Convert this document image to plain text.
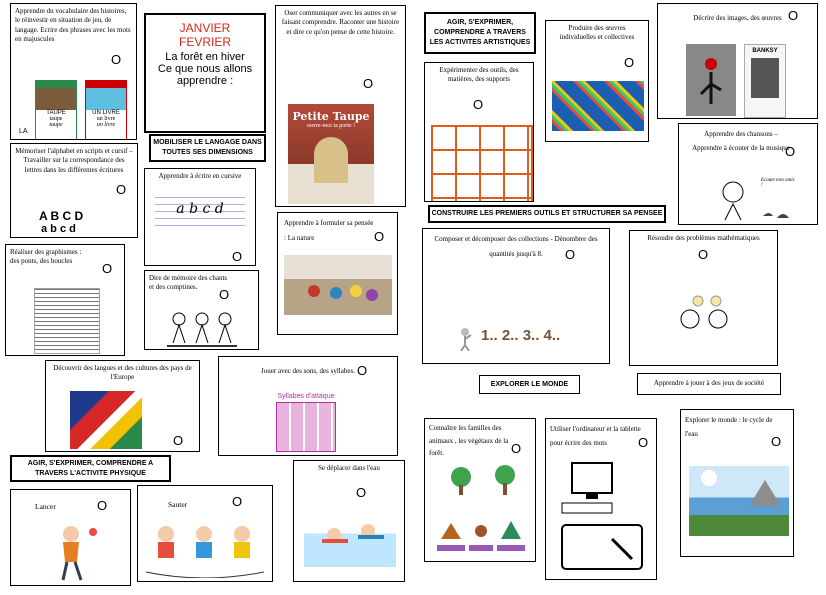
JANVIER
FEVRIER
La forêt en hiver
Ce que nous allons
apprendre :
MOBILISER LE LANGAGE DANS TOUTES SES DIMENSIONS
AGIR, S'EXPRIMER, COMPRENDRE A TRAVERS LES ACTIVITES ARTISTIQUES
CONSTRUIRE LES PREMIERS OUTILS ET STRUCTURER SA PENSEE
EXPLORER LE MONDE
AGIR, S'EXPRIMER, COMPRENDRE A TRAVERS L'ACTIVITE PHYSIQUE
Apprendre du vocabulaire des histoires, le réinvestir en situation de jeu, de langage. Ecrire des phrases avec les mots en majuscules
O
TAUPE
taupe
taupe
UN LIVRE
un livre
un livre
LA
Mémoriser l'alphabet en scripts et cursif – Travailler sur la correspondance des lettres dans les différentes écritures
O
A B C D
a b c d
Réaliser des graphismes : des ponts, des boucles	O
Découvrir des langues et des cultures des pays de l'Europe
O
Apprendre à écrire en cursive
a b c d
O
Dire de mémoire des chants et des comptines.	O
Jouer avec des sons, des syllabes. O
Syllabes d'attaque
Oser communiquer avec les autres en se faisant comprendre. Raconter une histoire et dire ce qu'on pense de cette histoire.
O
Petite Taupe
ouvre-moi ta porte !
Apprendre à formuler sa pensée : La nature	O
Expérimenter des outils, des matières, des supports
O
Produire des œuvres individuelles et collectives
O
Décrire des images, des œuvres O
BANKSY
Apprendre des chansons – Apprendre à écouter de la musique
O
Ecoute mes amis !
Composer et décomposer des collections - Dénombrer des quantités jusqu'à 8.	O
1.. 2.. 3.. 4..
Résoudre des problèmes mathématiques
O
Apprendre à jouer à des jeux de société
Connaître les familles des animaux , les végétaux de la forêt.	O
Utiliser l'ordinateur et la tablette pour écrire des mots	O
Explorer le monde : le cycle de l'eau	O
Se déplacer dans l'eau
O
Lancer	O	Sauter	O
